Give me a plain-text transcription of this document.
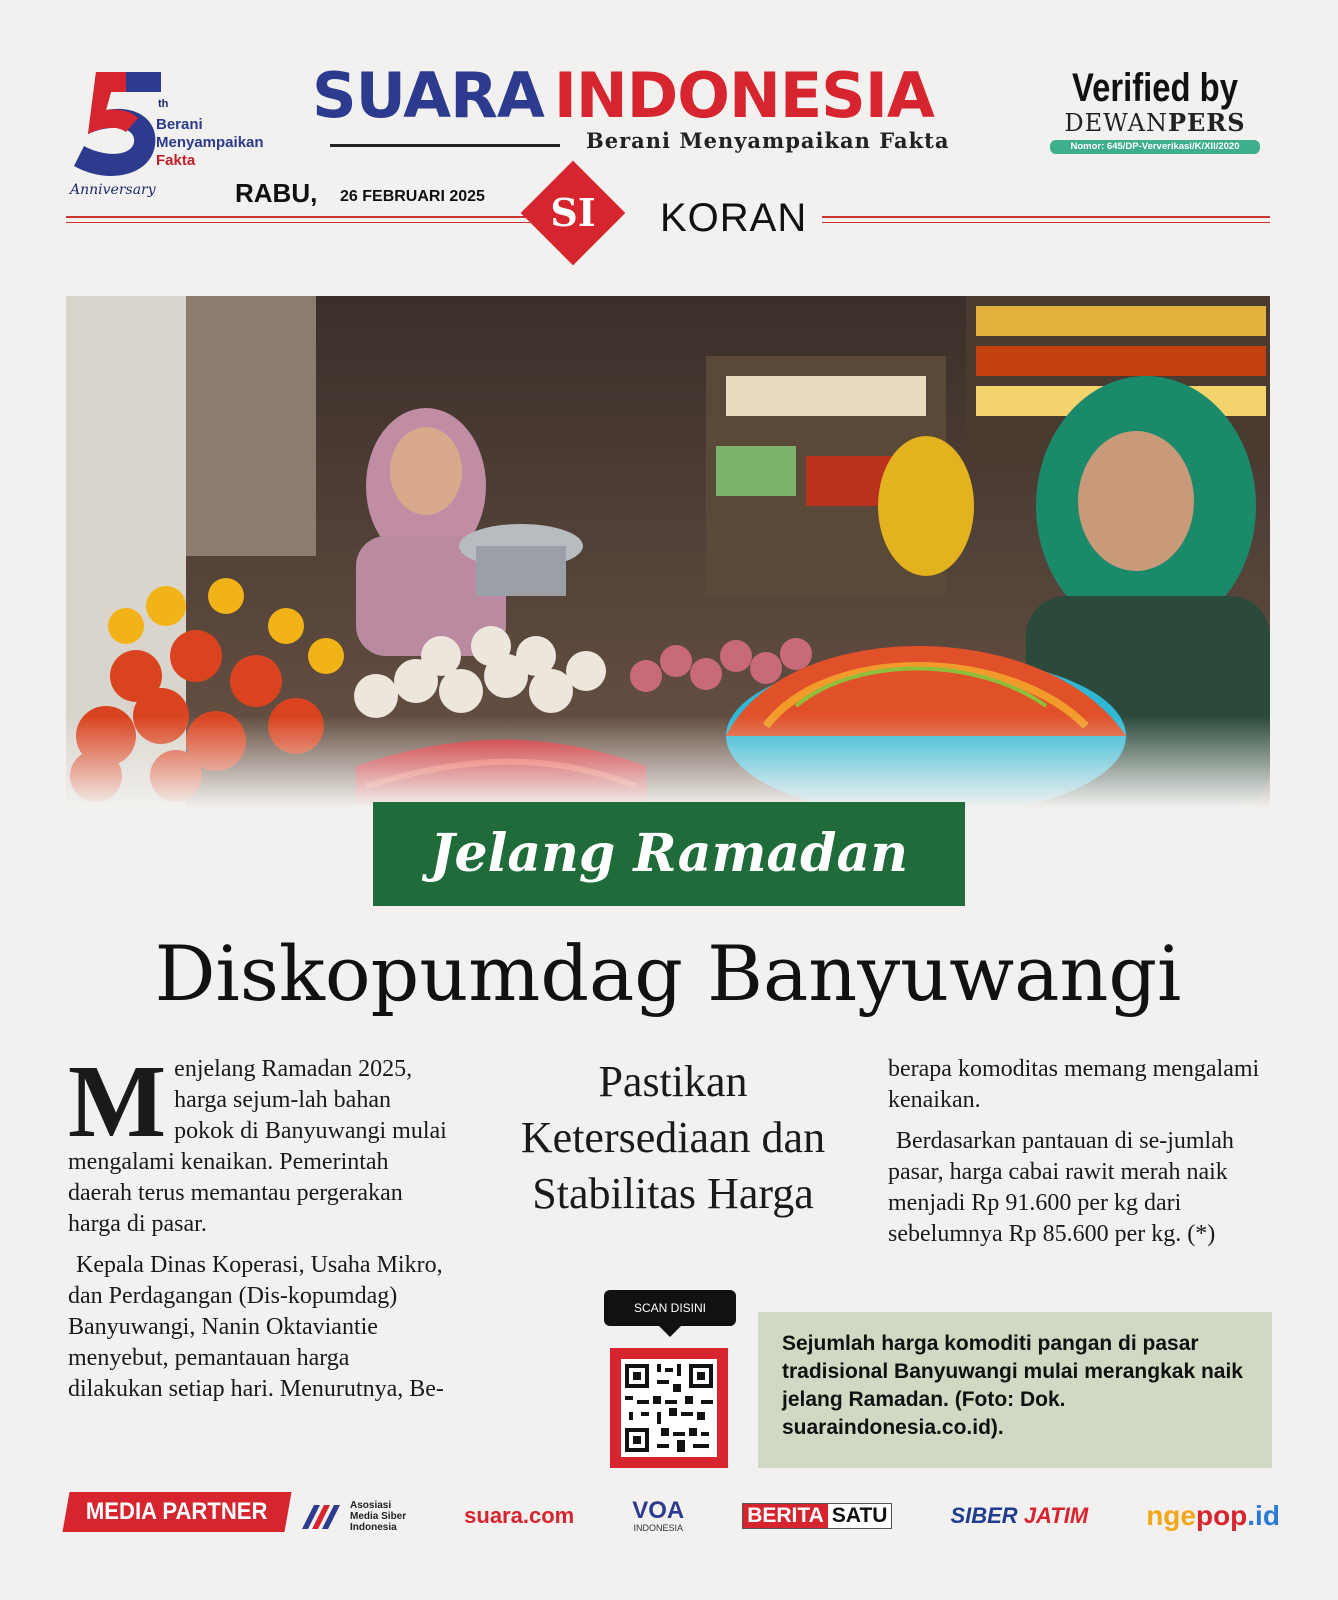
th
Berani
Menyampaikan
Fakta
Anniversary
SUARA INDONESIA
Berani Menyampaikan Fakta
Verified by
DEWANPERS
Nomor: 645/DP-Ververikasi/K/XII/2020
RABU, 26 FEBRUARI 2025	SI	KORAN
Jelang Ramadan
Diskopumdag Banyuwangi

Menjelang Ramadan 2025, harga sejum-lah bahan pokok di Banyuwangi mulai mengalami kenaikan. Pemerintah daerah terus memantau pergerakan harga di pasar.

Kepala Dinas Koperasi, Usaha Mikro, dan Perdagangan (Dis-kopumdag) Banyuwangi, Nanin Oktaviantie menyebut, pemantauan harga dilakukan setiap hari. Menurutnya, Be-

Pastikan Ketersediaan dan Stabilitas Harga

berapa komoditas memang mengalami kenaikan.

Berdasarkan pantauan di se-jumlah pasar, harga cabai rawit merah naik menjadi Rp 91.600 per kg dari sebelumnya Rp 85.600 per kg. (*)

SCAN DISINI
Sejumlah harga komoditi pangan di pasar tradisional Banyuwangi mulai merangkak naik jelang Ramadan. (Foto: Dok. suaraindonesia.co.id).
MEDIA PARTNER	Asosiasi
Media Siber
Indonesia	suara.com VOA
INDONESIA
BERITA SATU	SIBER JATIM ngepop.id
